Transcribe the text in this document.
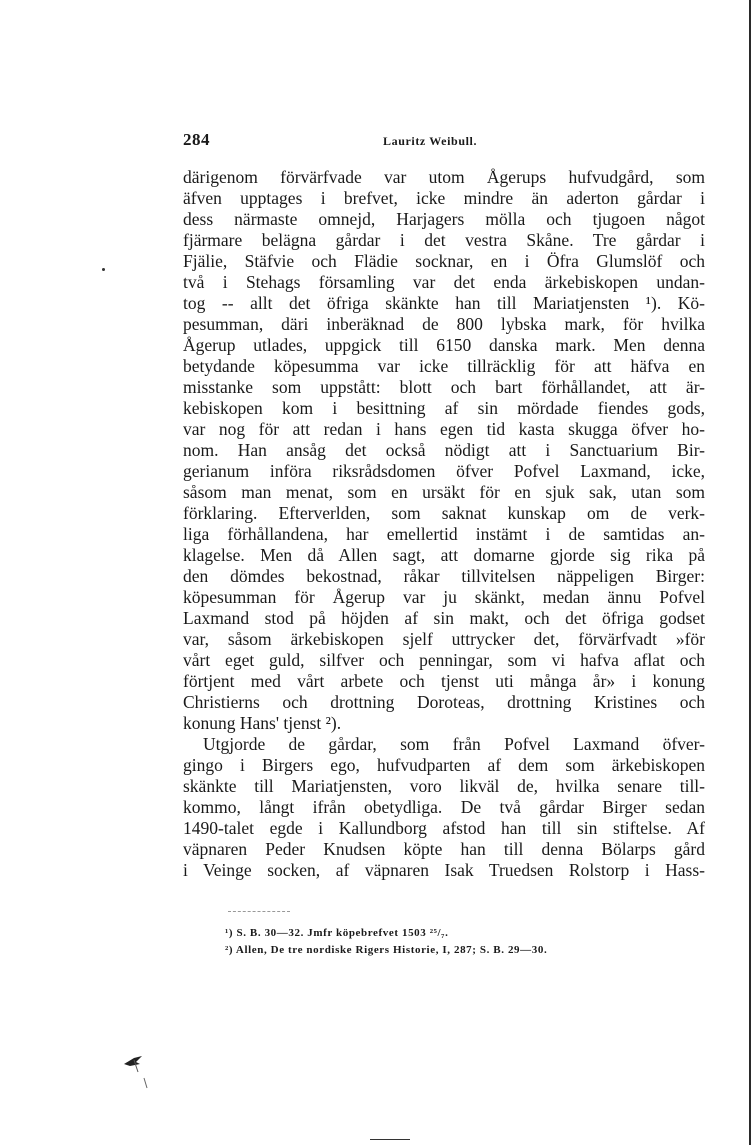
284	Lauritz Weibull.
därigenom förvärfvade var utom Ågerups hufvudgård, som
äfven upptages i brefvet, icke mindre än aderton gårdar i
dess närmaste omnejd, Harjagers mölla och tjugoen något
fjärmare belägna gårdar i det vestra Skåne. Tre gårdar i
Fjälie, Stäfvie och Flädie socknar, en i Öfra Glumslöf och
två i Stehags församling var det enda ärkebiskopen undan-
tog -- allt det öfriga skänkte han till Mariatjensten ¹). Kö-
pesumman, däri inberäknad de 800 lybska mark, för hvilka
Ågerup utlades, uppgick till 6150 danska mark. Men denna
betydande köpesumma var icke tillräcklig för att häfva en
misstanke som uppstått: blott och bart förhållandet, att är-
kebiskopen kom i besittning af sin mördade fiendes gods,
var nog för att redan i hans egen tid kasta skugga öfver ho-
nom. Han ansåg det också nödigt att i Sanctuarium Bir-
gerianum införa riksrådsdomen öfver Pofvel Laxmand, icke,
såsom man menat, som en ursäkt för en sjuk sak, utan som
förklaring. Efterverlden, som saknat kunskap om de verk-
liga förhållandena, har emellertid instämt i de samtidas an-
klagelse. Men då Allen sagt, att domarne gjorde sig rika på
den dömdes bekostnad, råkar tillvitelsen näppeligen Birger:
köpesumman för Ågerup var ju skänkt, medan ännu Pofvel
Laxmand stod på höjden af sin makt, och det öfriga godset
var, såsom ärkebiskopen sjelf uttrycker det, förvärfvadt »för
vårt eget guld, silfver och penningar, som vi hafva aflat och
förtjent med vårt arbete och tjenst uti många år» i konung
Christierns och drottning Doroteas, drottning Kristines och
konung Hans' tjenst ²).
Utgjorde de gårdar, som från Pofvel Laxmand öfver-
gingo i Birgers ego, hufvudparten af dem som ärkebiskopen
skänkte till Mariatjensten, voro likväl de, hvilka senare till-
kommo, långt ifrån obetydliga. De två gårdar Birger sedan
1490-talet egde i Kallundborg afstod han till sin stiftelse. Af
väpnaren Peder Knudsen köpte han till denna Bölarps gård
i Veinge socken, af väpnaren Isak Truedsen Rolstorp i Hass-
¹) S. B. 30—32. Jmfr köpebrefvet 1503 ²⁵/₇.
²) Allen, De tre nordiske Rigers Historie, I, 287; S. B. 29—30.
